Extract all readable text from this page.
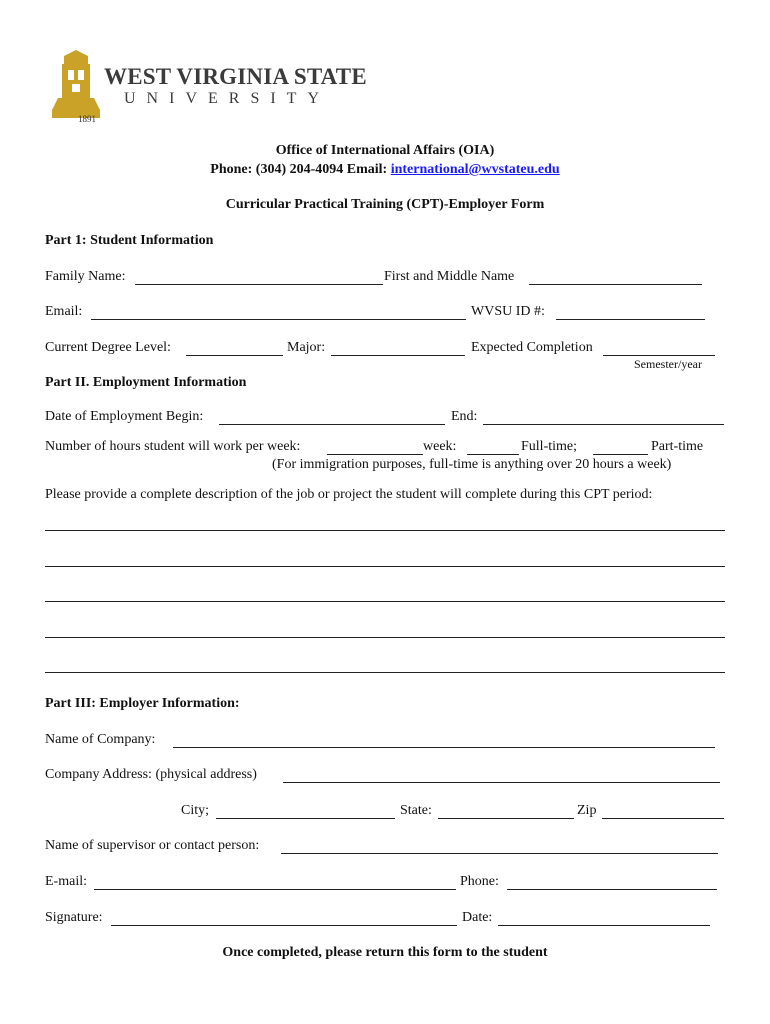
WEST VIRGINIA STATE
UNIVERSITY
1891
Office of International Affairs (OIA)
Phone: (304) 204-4094 Email: international@wvstateu.edu
Curricular Practical Training (CPT)-Employer Form
Part 1: Student Information
Family Name:	First and Middle Name
Email:	WVSU ID #:
Current Degree Level:	Major:	Expected Completion
Semester/year
Part II. Employment Information
Date of Employment Begin:	End:
Number of hours student will work per week:	week:	Full-time;	Part-time
(For immigration purposes, full-time is anything over 20 hours a week)
Please provide a complete description of the job or project the student will complete during this CPT period:
Part III: Employer Information:
Name of Company:
Company Address: (physical address)
City;	State:	Zip
Name of supervisor or contact person:
E-mail:	Phone:
Signature:	Date:
Once completed, please return this form to the student
